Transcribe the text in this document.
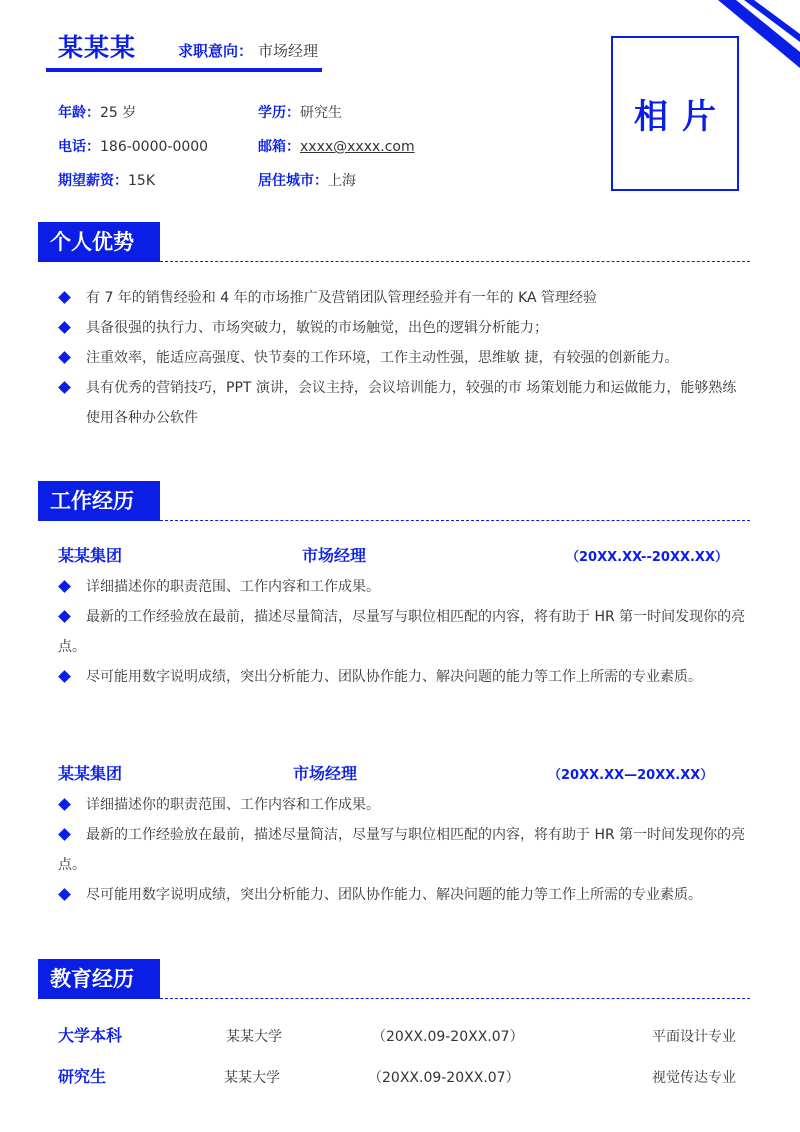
某某某	求职意向： 市场经理
相片
年龄：25 岁	学历：研究生
电话：186-0000-0000	邮箱：xxxx@xxxx.com
期望薪资：15K	居住城市：上海
个人优势
有 7 年的销售经验和 4 年的市场推广及营销团队管理经验并有一年的 KA 管理经验
具备很强的执行力、市场突破力，敏锐的市场触觉，出色的逻辑分析能力；
注重效率，能适应高强度、快节奏的工作环境，工作主动性强，思维敏 捷，有较强的创新能力。
具有优秀的营销技巧，PPT 演讲，会议主持，会议培训能力，较强的市 场策划能力和运做能力，能够熟练使用各种办公软件
工作经历
某某集团	市场经理	（20XX.XX--20XX.XX）
详细描述你的职责范围、工作内容和工作成果。
最新的工作经验放在最前，描述尽量简洁，尽量写与职位相匹配的内容，将有助于 HR 第一时间发现你的亮点。
尽可能用数字说明成绩，突出分析能力、团队协作能力、解决问题的能力等工作上所需的专业素质。
某某集团	市场经理	（20XX.XX—20XX.XX）
详细描述你的职责范围、工作内容和工作成果。
最新的工作经验放在最前，描述尽量简洁，尽量写与职位相匹配的内容，将有助于 HR 第一时间发现你的亮点。
尽可能用数字说明成绩，突出分析能力、团队协作能力、解决问题的能力等工作上所需的专业素质。
教育经历
大学本科	某某大学	（20XX.09-20XX.07）	平面设计专业
研究生	某某大学	（20XX.09-20XX.07）	视觉传达专业
